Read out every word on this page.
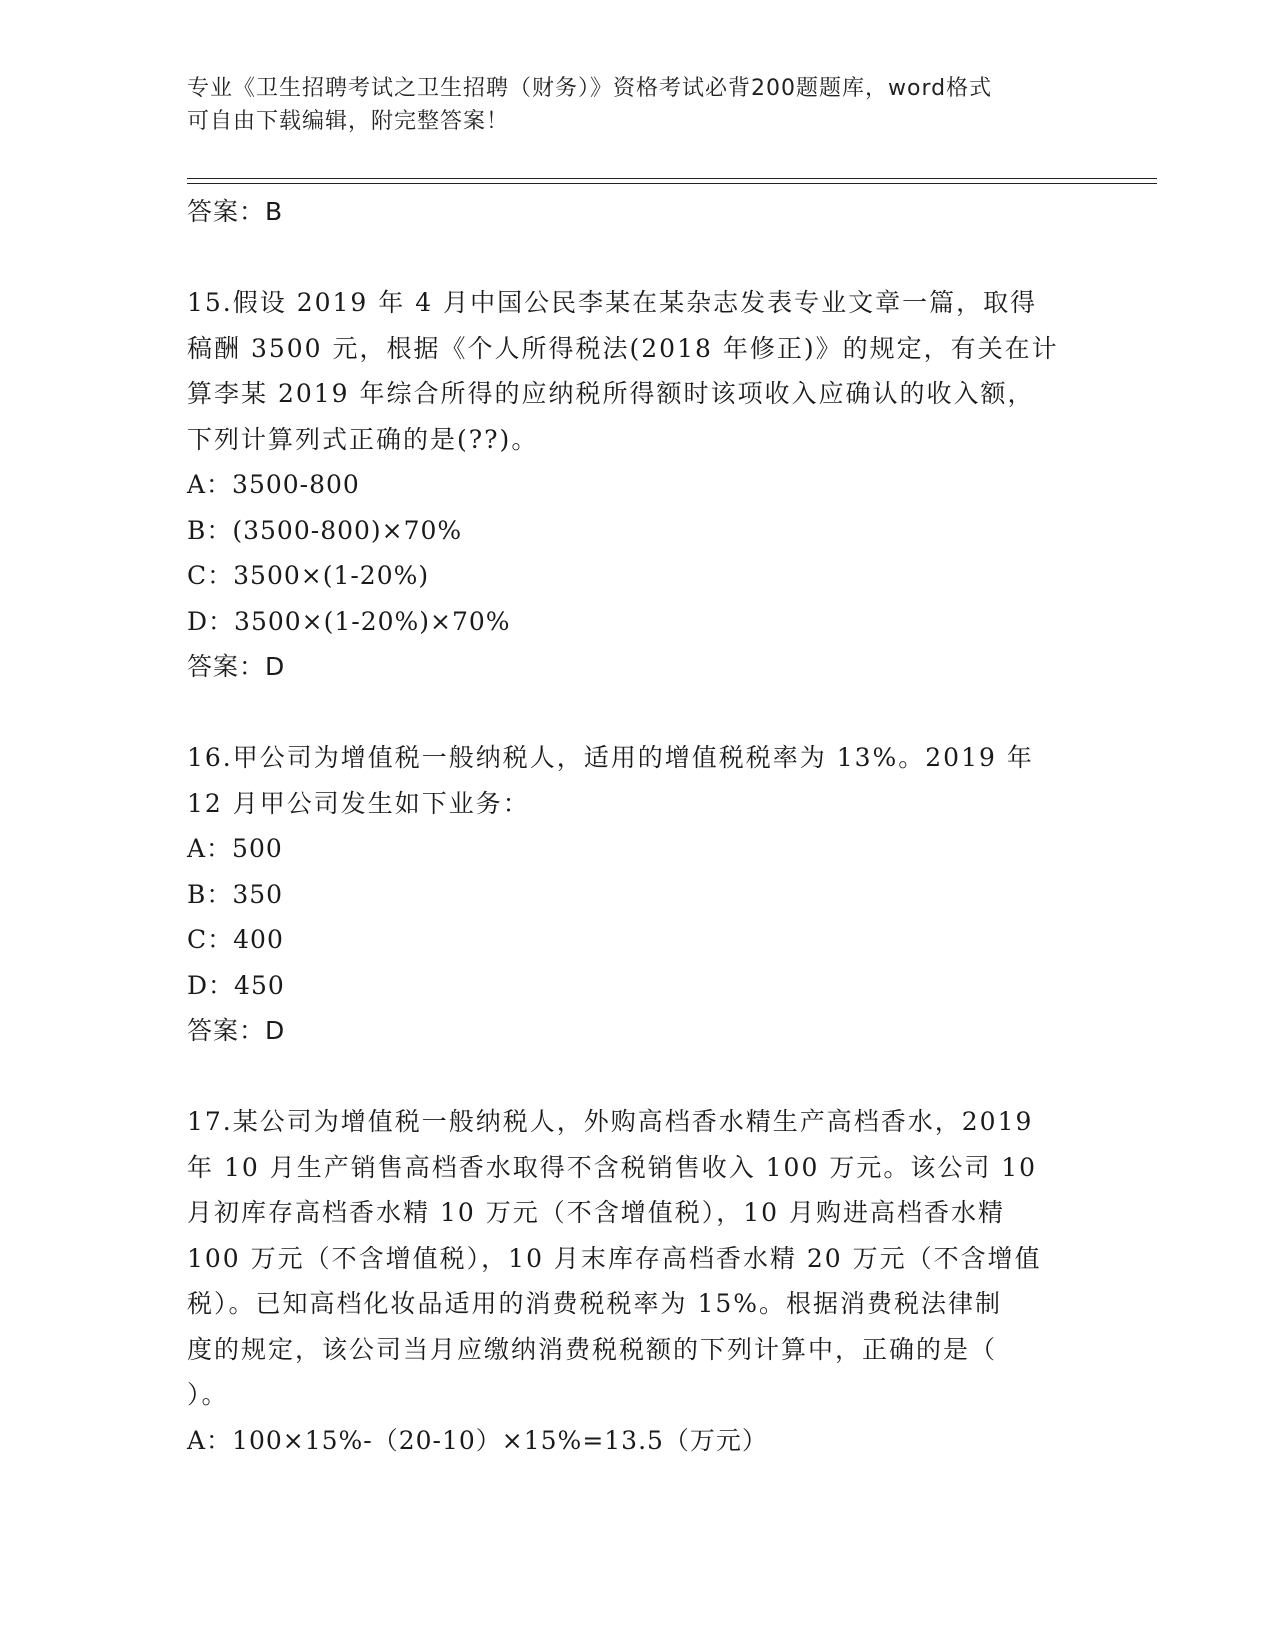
专业《卫生招聘考试之卫生招聘（财务）》资格考试必背200题题库，word格式
可自由下载编辑，附完整答案！
答案：B
15.假设 2019 年 4 月中国公民李某在某杂志发表专业文章一篇，取得
稿酬 3500 元，根据《个人所得税法(2018 年修正)》的规定，有关在计
算李某 2019 年综合所得的应纳税所得额时该项收入应确认的收入额，
下列计算列式正确的是(??)。
A：3500-800
B：(3500-800)×70%
C：3500×(1-20%)
D：3500×(1-20%)×70%
答案：D
16.甲公司为增值税一般纳税人，适用的增值税税率为 13%。2019 年
12 月甲公司发生如下业务：
A：500
B：350
C：400
D：450
答案：D
17.某公司为增值税一般纳税人，外购高档香水精生产高档香水，2019
年 10 月生产销售高档香水取得不含税销售收入 100 万元。该公司 10
月初库存高档香水精 10 万元（不含增值税），10 月购进高档香水精
100 万元（不含增值税），10 月末库存高档香水精 20 万元（不含增值
税）。已知高档化妆品适用的消费税税率为 15%。根据消费税法律制
度的规定，该公司当月应缴纳消费税税额的下列计算中，正确的是（
）。
A：100×15%-（20-10）×15%=13.5（万元）
